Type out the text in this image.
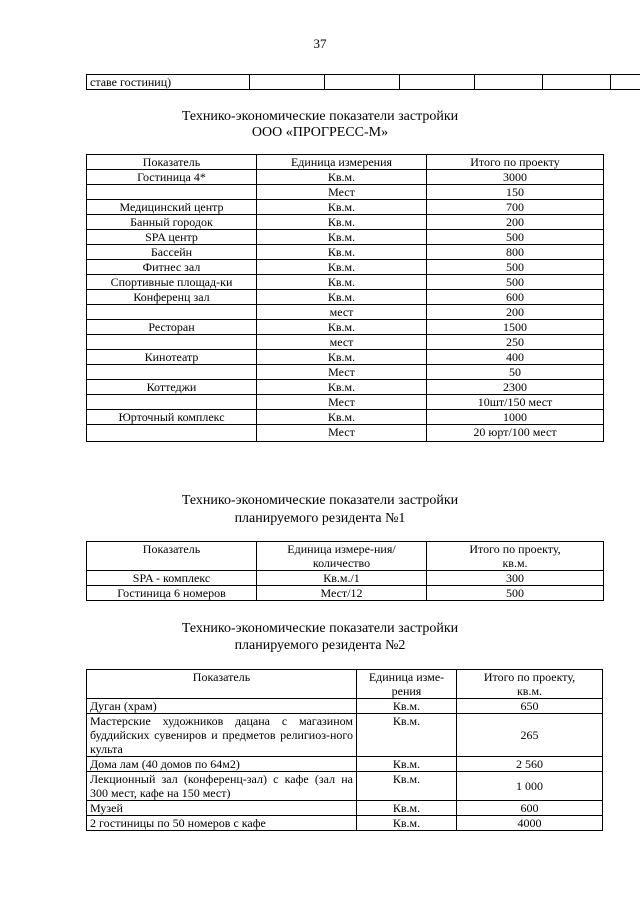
37
ставе гостиниц)						
Технико-экономические показатели застройки
ООО «ПРОГРЕСС-М»
Показатель	Единица измерения	Итого по проекту
Гостиница 4*	Кв.м.	3000
	Мест	150
Медицинский центр	Кв.м.	700
Банный городок	Кв.м.	200
SPA центр	Кв.м.	500
Бассейн	Кв.м.	800
Фитнес зал	Кв.м.	500
Спортивные площад-ки	Кв.м.	500
Конференц зал	Кв.м.	600
	мест	200
Ресторан	Кв.м.	1500
	мест	250
Кинотеатр	Кв.м.	400
	Мест	50
Коттеджи	Кв.м.	2300
	Мест	10шт/150 мест
Юрточный комплекс	Кв.м.	1000
	Мест	20 юрт/100 мест
Технико-экономические показатели застройки
планируемого резидента №1
Показатель	Единица измере-ния/количество	Итого по проекту, кв.м.
SPA - комплекс	Кв.м./1	300
Гостиница 6 номеров	Мест/12	500
Технико-экономические показатели застройки
планируемого резидента №2
Показатель	Единица изме-рения	Итого по проекту, кв.м.
Дуган (храм)	Кв.м.	650
Мастерские художников дацана с магазином буддийских сувениров и предметов религиоз-ного культа	Кв.м.	265
Дома лам (40 домов по 64м2)	Кв.м.	2 560
Лекционный зал (конференц-зал) с кафе (зал на 300 мест, кафе на 150 мест)	Кв.м.	1 000
Музей	Кв.м.	600
2 гостиницы по 50 номеров с кафе	Кв.м.	4000
